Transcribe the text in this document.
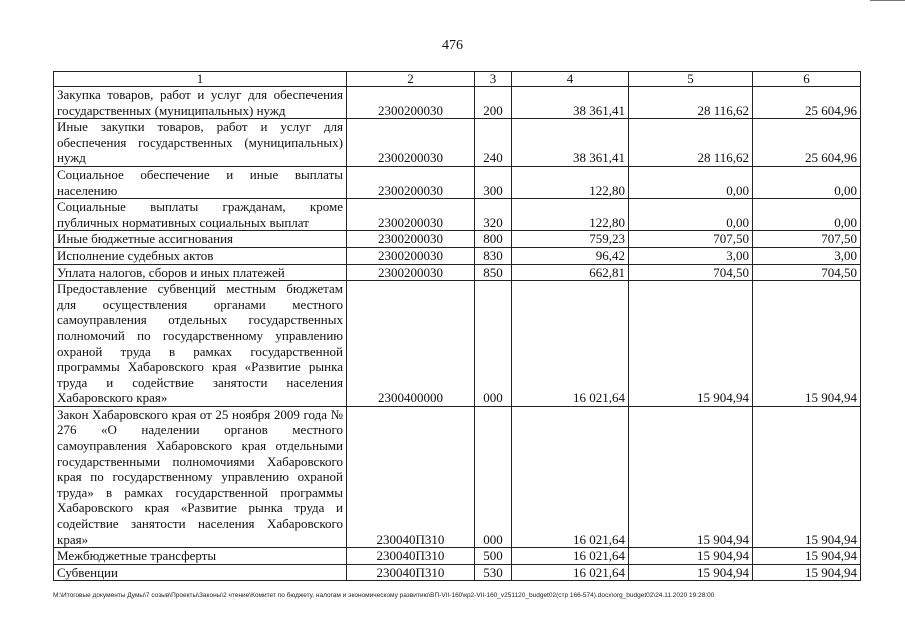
476
1	2	3	4	5	6
Закупка товаров, работ и услуг для обеспечения государственных (муниципальных) нужд	2300200030	200	38 361,41	28 116,62	25 604,96
Иные закупки товаров, работ и услуг для обеспечения государственных (муниципальных) нужд	2300200030	240	38 361,41	28 116,62	25 604,96
Социальное обеспечение и иные выплаты населению	2300200030	300	122,80	0,00	0,00
Социальные выплаты гражданам, кроме публичных нормативных социальных выплат	2300200030	320	122,80	0,00	0,00
Иные бюджетные ассигнования	2300200030	800	759,23	707,50	707,50
Исполнение судебных актов	2300200030	830	96,42	3,00	3,00
Уплата налогов, сборов и иных платежей	2300200030	850	662,81	704,50	704,50
Предоставление субвенций местным бюджетам для осуществления органами местного самоуправления отдельных государственных полномочий по государственному управлению охраной труда в рамках государственной программы Хабаровского края «Развитие рынка труда и содействие занятости населения Хабаровского края»	2300400000	000	16 021,64	15 904,94	15 904,94
Закон Хабаровского края от 25 ноября 2009 года № 276 «О наделении органов местного самоуправления Хабаровского края отдельными государственными полномочиями Хабаровского края по государственному управлению охраной труда» в рамках государственной программы Хабаровского края «Развитие рынка труда и содействие занятости населения Хабаровского края»	230040П310	000	16 021,64	15 904,94	15 904,94
Межбюджетные трансферты	230040П310	500	16 021,64	15 904,94	15 904,94
Субвенции	230040П310	530	16 021,64	15 904,94	15 904,94
М:\Итоговые документы Думы\7 созыв\Проекты\Законы\2 чтение\Комитет по бюджету, налогам и экономическому развитию\ВП-VII-160\кр2-VII-160_v251120_budget02(стр 166-574).docx\org_budget02\24.11.2020 19:28:00
